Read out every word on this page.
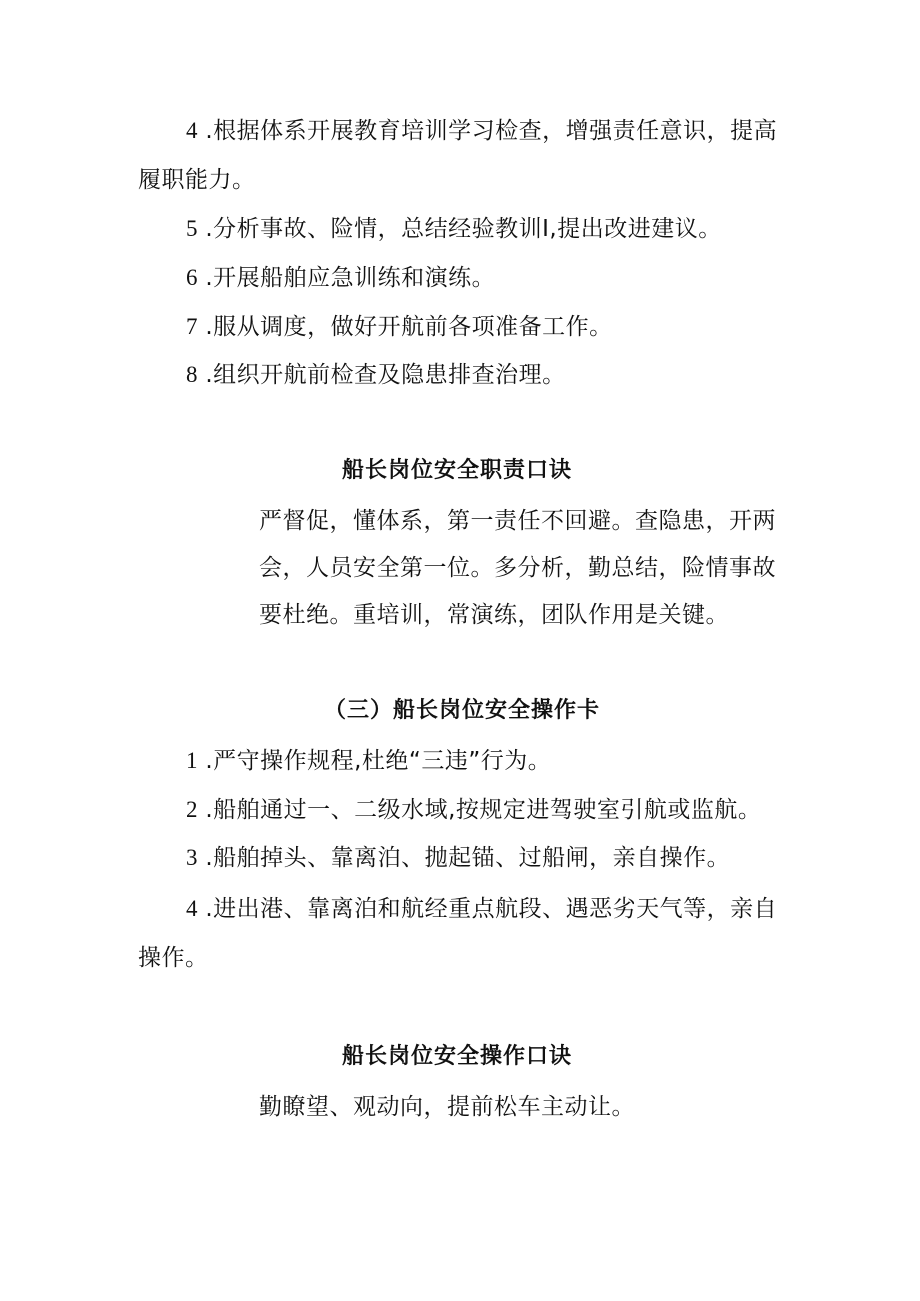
4 .根据体系开展教育培训学习检查，增强责任意识，提高
履职能力。
5 .分析事故、险情，总结经验教训I,提出改进建议。
6 .开展船舶应急训练和演练。
7 .服从调度，做好开航前各项准备工作。
8 .组织开航前检查及隐患排查治理。
船长岗位安全职责口诀
严督促，懂体系，第一责任不回避。查隐患，开两
会，人员安全第一位。多分析，勤总结，险情事故
要杜绝。重培训，常演练，团队作用是关键。
（三）船长岗位安全操作卡
1 .严守操作规程,杜绝“三违”行为。
2 .船舶通过一、二级水域,按规定进驾驶室引航或监航。
3 .船舶掉头、靠离泊、抛起锚、过船闸，亲自操作。
4 .进出港、靠离泊和航经重点航段、遇恶劣天气等，亲自
操作。
船长岗位安全操作口诀
勤瞭望、观动向，提前松车主动让。
